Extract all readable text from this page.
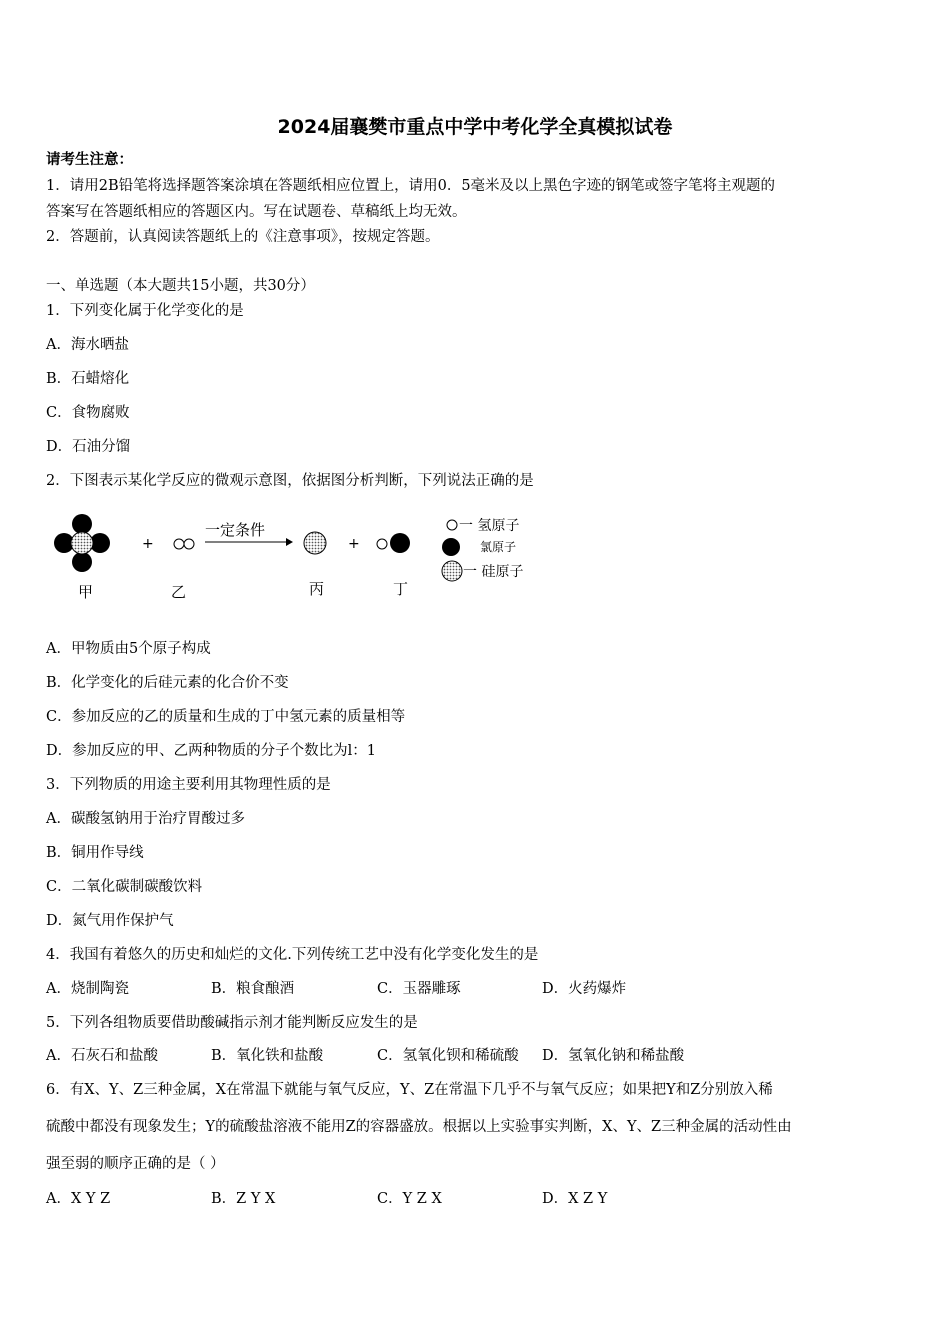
2024届襄樊市重点中学中考化学全真模拟试卷
请考生注意：
1．请用2B铅笔将选择题答案涂填在答题纸相应位置上，请用0．5毫米及以上黑色字迹的钢笔或签字笔将主观题的
答案写在答题纸相应的答题区内。写在试题卷、草稿纸上均无效。
2．答题前，认真阅读答题纸上的《注意事项》，按规定答题。
一、单选题（本大题共15小题，共30分）
1．下列变化属于化学变化的是
A．海水晒盐
B．石蜡熔化
C．食物腐败
D．石油分馏
2．下图表示某化学反应的微观示意图，依据图分析判断，下列说法正确的是
+
一定条件
+
甲	乙	丙	丁
一 氢原子
氯原子
一 硅原子
A．甲物质由5个原子构成
B．化学变化的后硅元素的化合价不变
C．参加反应的乙的质量和生成的丁中氢元素的质量相等
D．参加反应的甲、乙两种物质的分子个数比为l：1
3．下列物质的用途主要利用其物理性质的是
A．碳酸氢钠用于治疗胃酸过多
B．铜用作导线
C．二氧化碳制碳酸饮料
D．氮气用作保护气
4．我国有着悠久的历史和灿烂的文化.下列传统工艺中没有化学变化发生的是
A．烧制陶瓷	B．粮食酿酒	C．玉器雕琢	D．火药爆炸
5．下列各组物质要借助酸碱指示剂才能判断反应发生的是
A．石灰石和盐酸	B．氧化铁和盐酸	C．氢氧化钡和稀硫酸 D．氢氧化钠和稀盐酸
6．有X、Y、Z三种金属，X在常温下就能与氧气反应，Y、Z在常温下几乎不与氧气反应；如果把Y和Z分别放入稀
硫酸中都没有现象发生；Y的硫酸盐溶液不能用Z的容器盛放。根据以上实验事实判断，X、Y、Z三种金属的活动性由
强至弱的顺序正确的是（ ）
A．X Y Z	B．Z Y X	C．Y Z X	D．X Z Y
